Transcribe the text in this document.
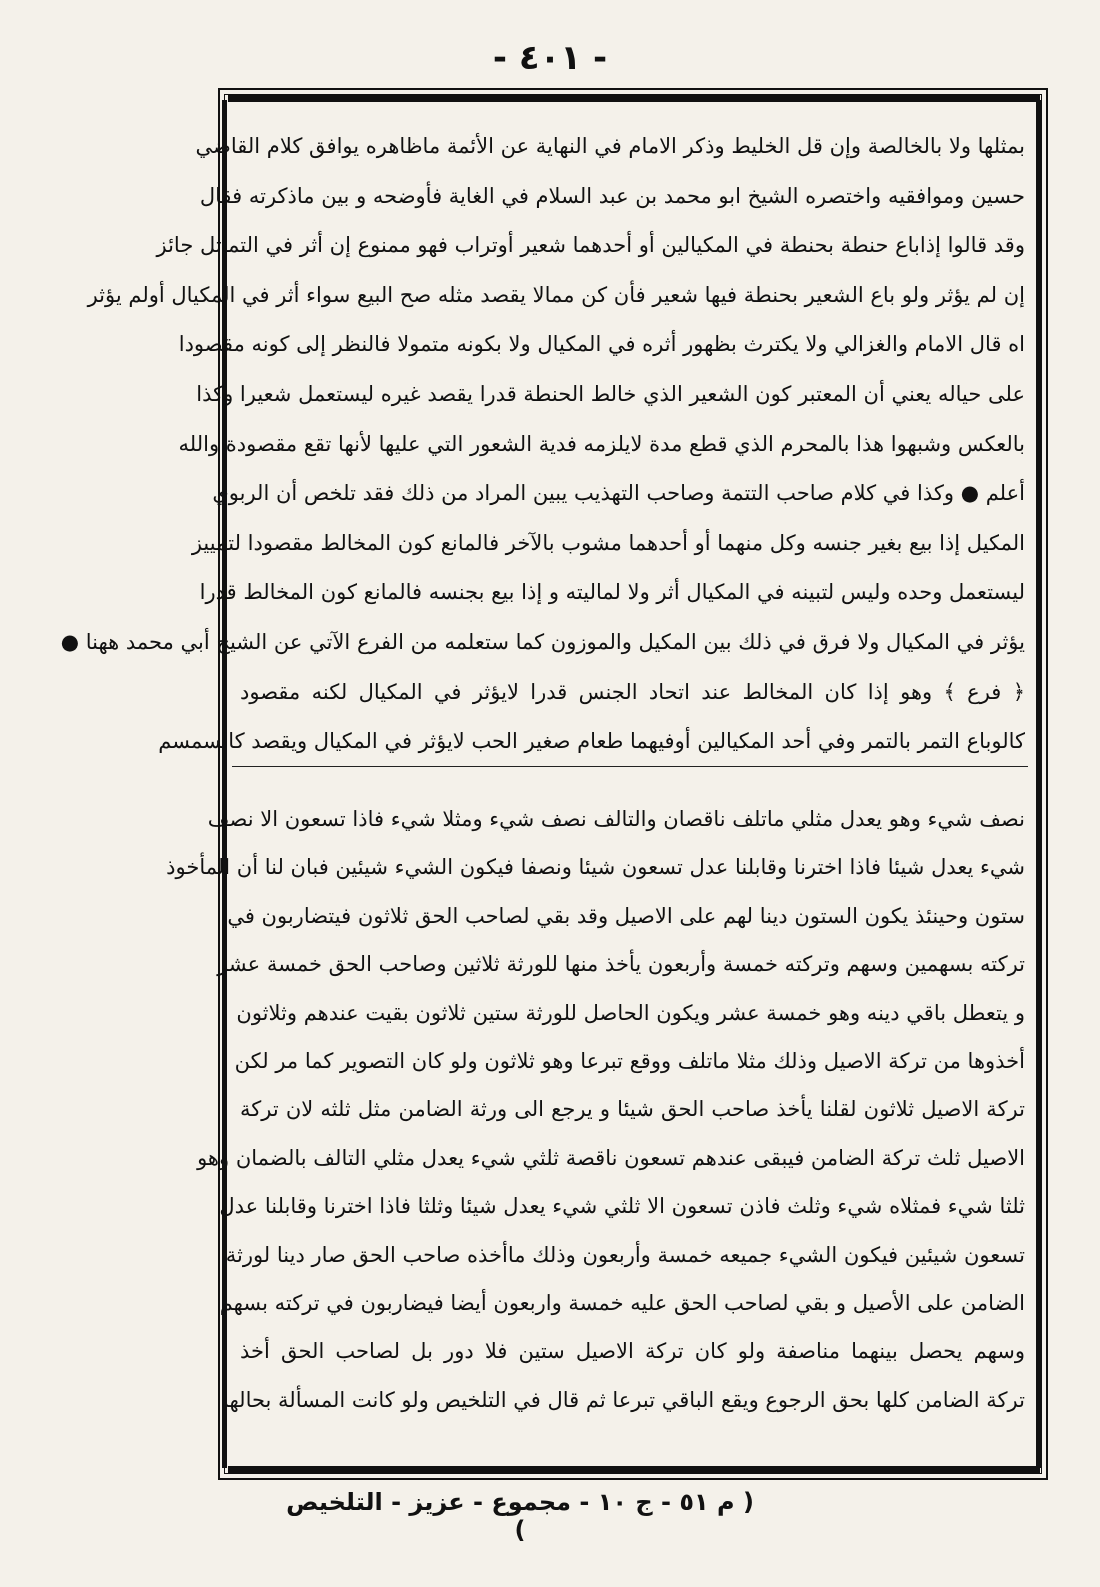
- ٤٠١ -
بمثلها ولا بالخالصة وإن قل الخليط وذكر الامام في النهاية عن الأئمة ماظاهره يوافق كلام القاضي
حسين وموافقيه واختصره الشيخ ابو محمد بن عبد السلام في الغاية فأوضحه و بين ماذكرته فقال
وقد قالوا إذاباع حنطة بحنطة في المكيالين أو أحدهما شعير أوتراب فهو ممنوع إن أثر في التماثل جائز
إن لم يؤثر ولو باع الشعير بحنطة فيها شعير فأن كن ممالا يقصد مثله صح البيع سواء أثر في المكيال أولم يؤثر
اه قال الامام والغزالي ولا يكترث بظهور أثره في المكيال ولا بكونه متمولا فالنظر إلى كونه مقصودا
على حياله يعني أن المعتبر كون الشعير الذي خالط الحنطة قدرا يقصد غيره ليستعمل شعيرا وكذا
بالعكس وشبهوا هذا بالمحرم الذي قطع مدة لايلزمه فدية الشعور التي عليها لأنها تقع مقصودة والله
أعلم ● وكذا في كلام صاحب التتمة وصاحب التهذيب يبين المراد من ذلك فقد تلخص أن الربوي
المكيل إذا بيع بغير جنسه وكل منهما أو أحدهما مشوب بالآخر فالمانع كون المخالط مقصودا لتمييز
ليستعمل وحده وليس لتبينه في المكيال أثر ولا لماليته و إذا بيع بجنسه فالمانع كون المخالط قدرا
يؤثر في المكيال ولا فرق في ذلك بين المكيل والموزون كما ستعلمه من الفرع الآتي عن الشيخ أبي محمد ههنا ●
﴿ فرع ﴾ وهو إذا كان المخالط عند اتحاد الجنس قدرا لايؤثر في المكيال لكنه مقصود
كالوباع التمر بالتمر وفي أحد المكيالين أوفيهما طعام صغير الحب لايؤثر في المكيال ويقصد كالسمسم
نصف شيء وهو يعدل مثلي ماتلف ناقصان والتالف نصف شيء ومثلا شيء فاذا تسعون الا نصف
شيء يعدل شيئا فاذا اخترنا وقابلنا عدل تسعون شيئا ونصفا فيكون الشيء شيئين فبان لنا أن المأخوذ
ستون وحينئذ يكون الستون دينا لهم على الاصيل وقد بقي لصاحب الحق ثلاثون فيتضاربون في
تركته بسهمين وسهم وتركته خمسة وأربعون يأخذ منها للورثة ثلاثين وصاحب الحق خمسة عشر
و يتعطل باقي دينه وهو خمسة عشر ويكون الحاصل للورثة ستين ثلاثون بقيت عندهم وثلاثون
أخذوها من تركة الاصيل وذلك مثلا ماتلف ووقع تبرعا وهو ثلاثون ولو كان التصوير كما مر لكن
تركة الاصيل ثلاثون لقلنا يأخذ صاحب الحق شيئا و يرجع الى ورثة الضامن مثل ثلثه لان تركة
الاصيل ثلث تركة الضامن فيبقى عندهم تسعون ناقصة ثلثي شيء يعدل مثلي التالف بالضمان وهو
ثلثا شيء فمثلاه شيء وثلث فاذن تسعون الا ثلثي شيء يعدل شيئا وثلثا فاذا اخترنا وقابلنا عدل
تسعون شيئين فيكون الشيء جميعه خمسة وأربعون وذلك ماأخذه صاحب الحق صار دينا لورثة
الضامن على الأصيل و بقي لصاحب الحق عليه خمسة واربعون أيضا فيضاربون في تركته بسهم
وسهم يحصل بينهما مناصفة ولو كان تركة الاصيل ستين فلا دور بل لصاحب الحق أخذ
تركة الضامن كلها بحق الرجوع ويقع الباقي تبرعا ثم قال في التلخيص ولو كانت المسألة بحالها
( م ٥١ - ج ١٠ - مجموع - عزيز - التلخيص )
